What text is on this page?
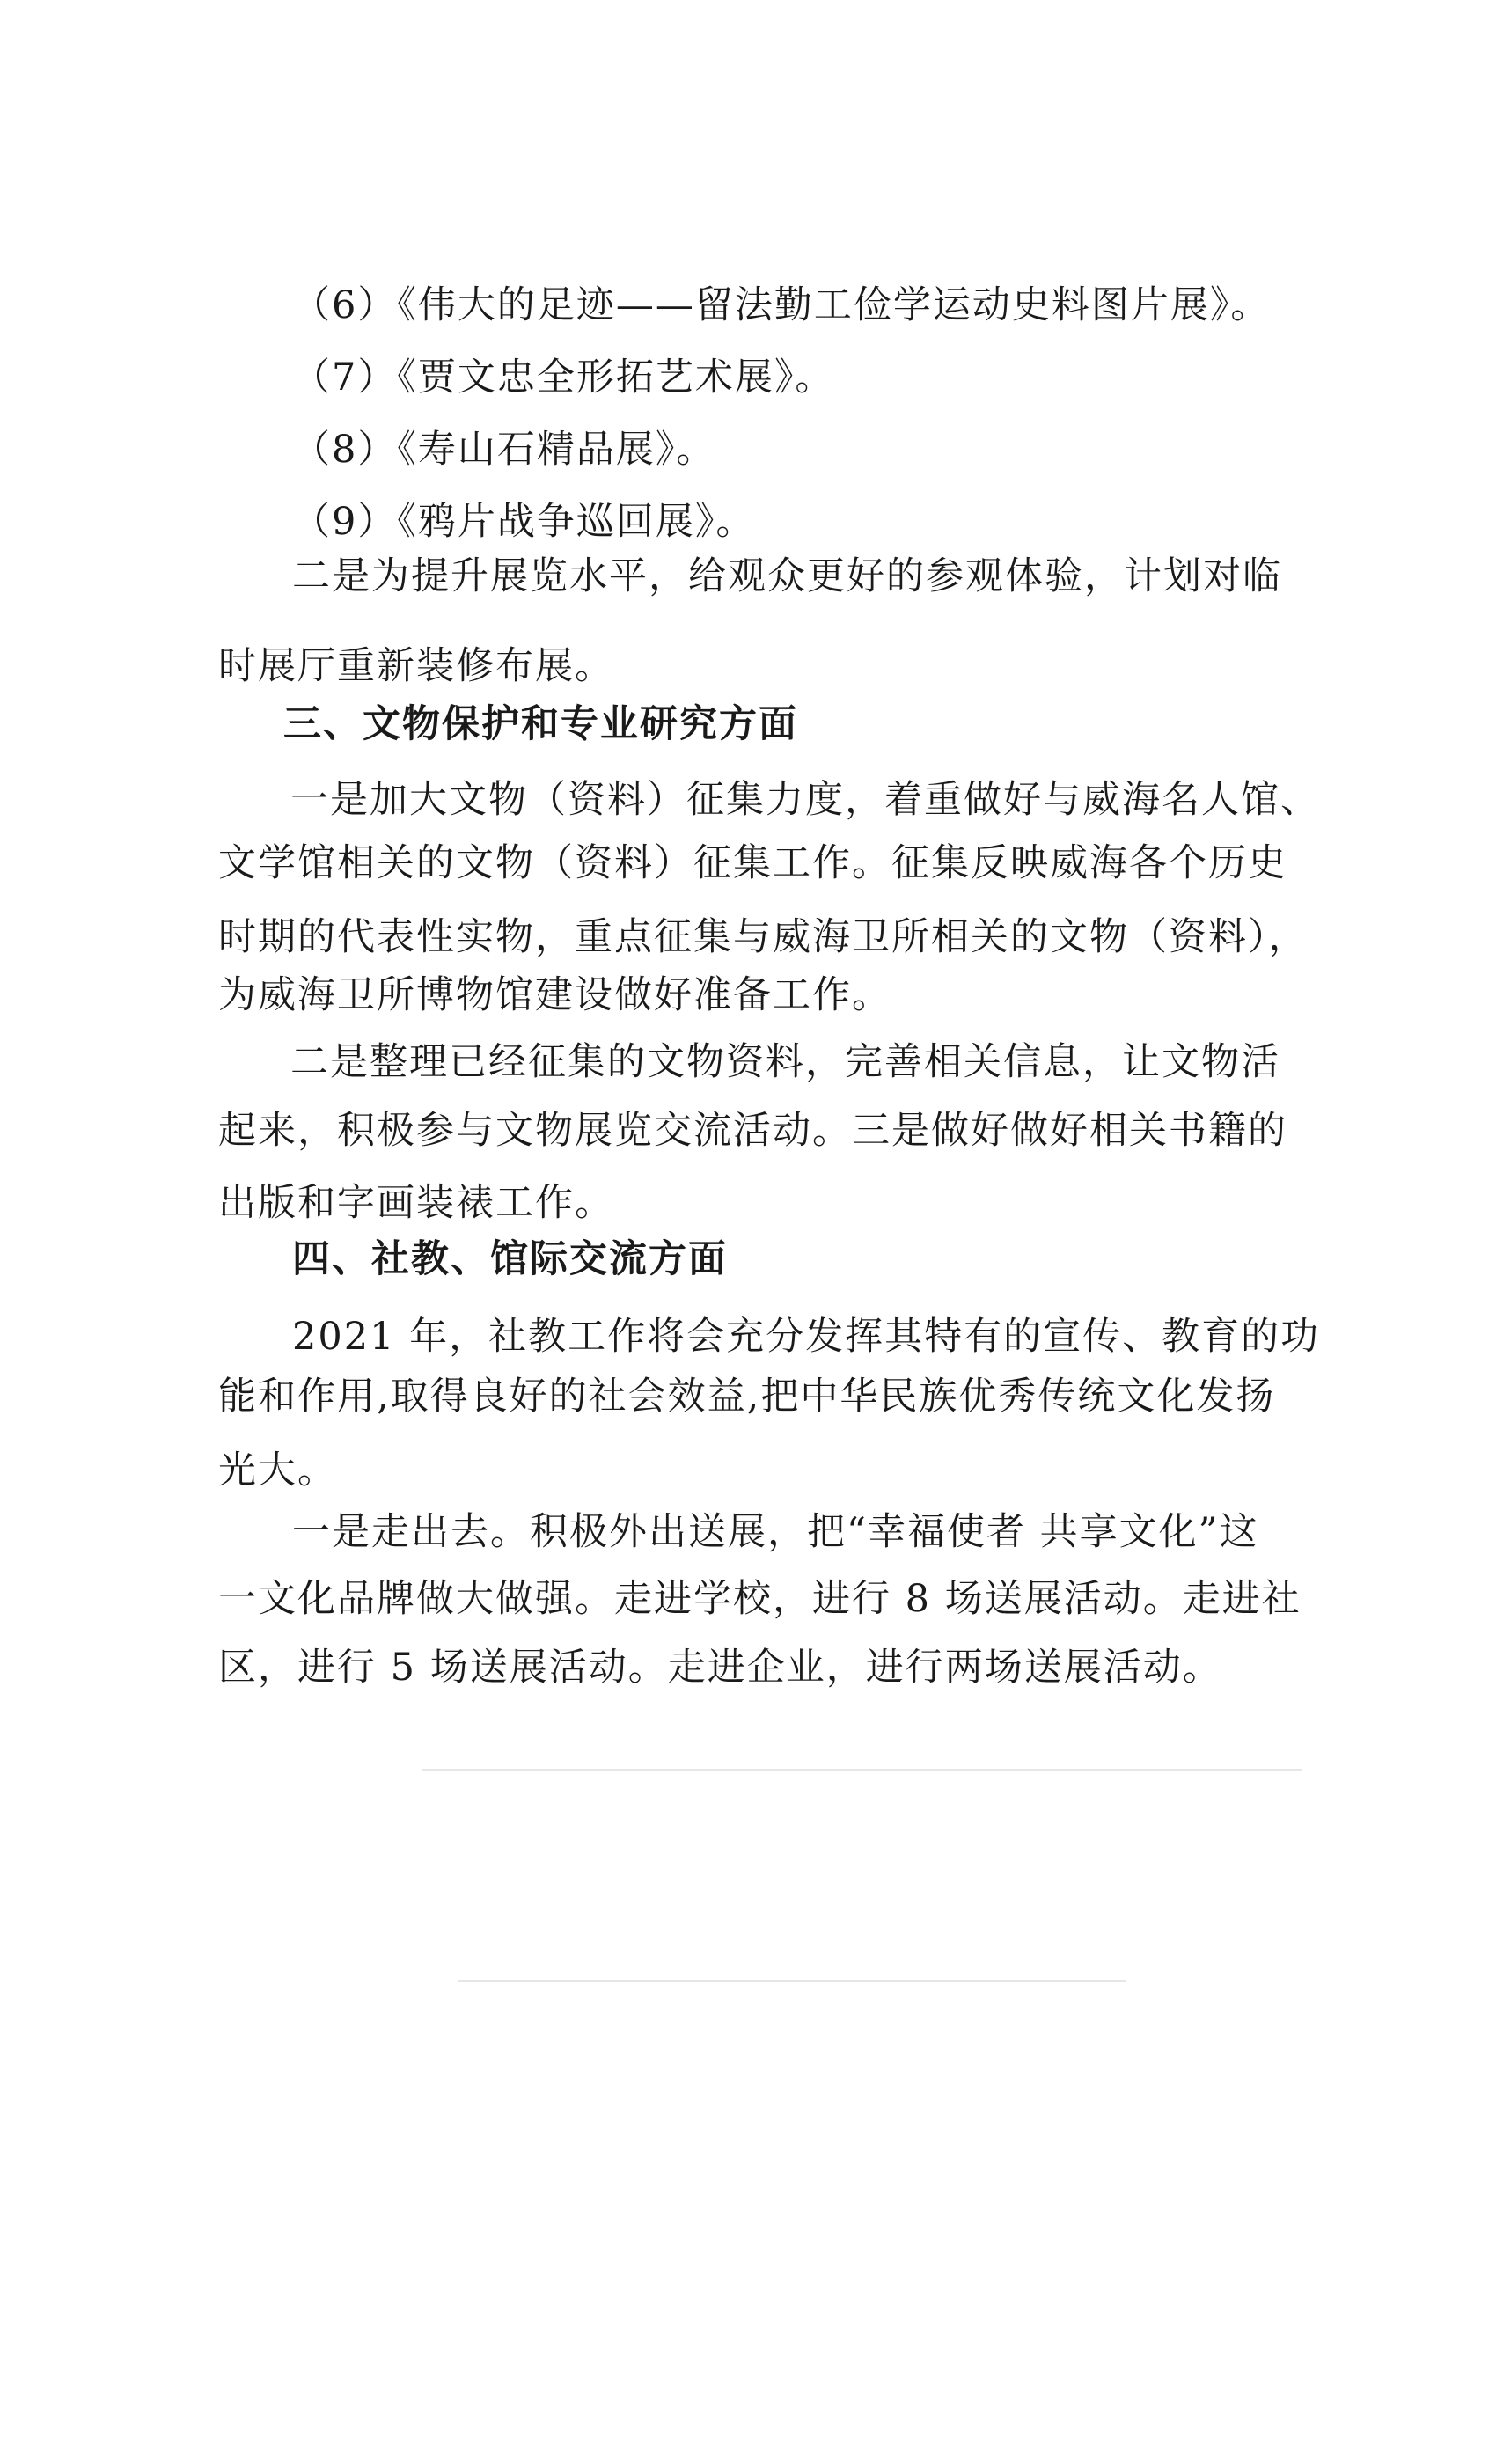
（6）《伟大的足迹——留法勤工俭学运动史料图片展》。
（7）《贾文忠全形拓艺术展》。
（8）《寿山石精品展》。
（9）《鸦片战争巡回展》。
二是为提升展览水平，给观众更好的参观体验，计划对临
时展厅重新装修布展。
三、文物保护和专业研究方面
一是加大文物（资料）征集力度，着重做好与威海名人馆、
文学馆相关的文物（资料）征集工作。征集反映威海各个历史
时期的代表性实物，重点征集与威海卫所相关的文物（资料），
为威海卫所博物馆建设做好准备工作。
二是整理已经征集的文物资料，完善相关信息，让文物活
起来，积极参与文物展览交流活动。三是做好做好相关书籍的
出版和字画装裱工作。
四、社教、馆际交流方面
2021 年，社教工作将会充分发挥其特有的宣传、教育的功
能和作用,取得良好的社会效益,把中华民族优秀传统文化发扬
光大。
一是走出去。积极外出送展，把“幸福使者 共享文化”这
一文化品牌做大做强。走进学校，进行 8 场送展活动。走进社
区，进行 5 场送展活动。走进企业，进行两场送展活动。
